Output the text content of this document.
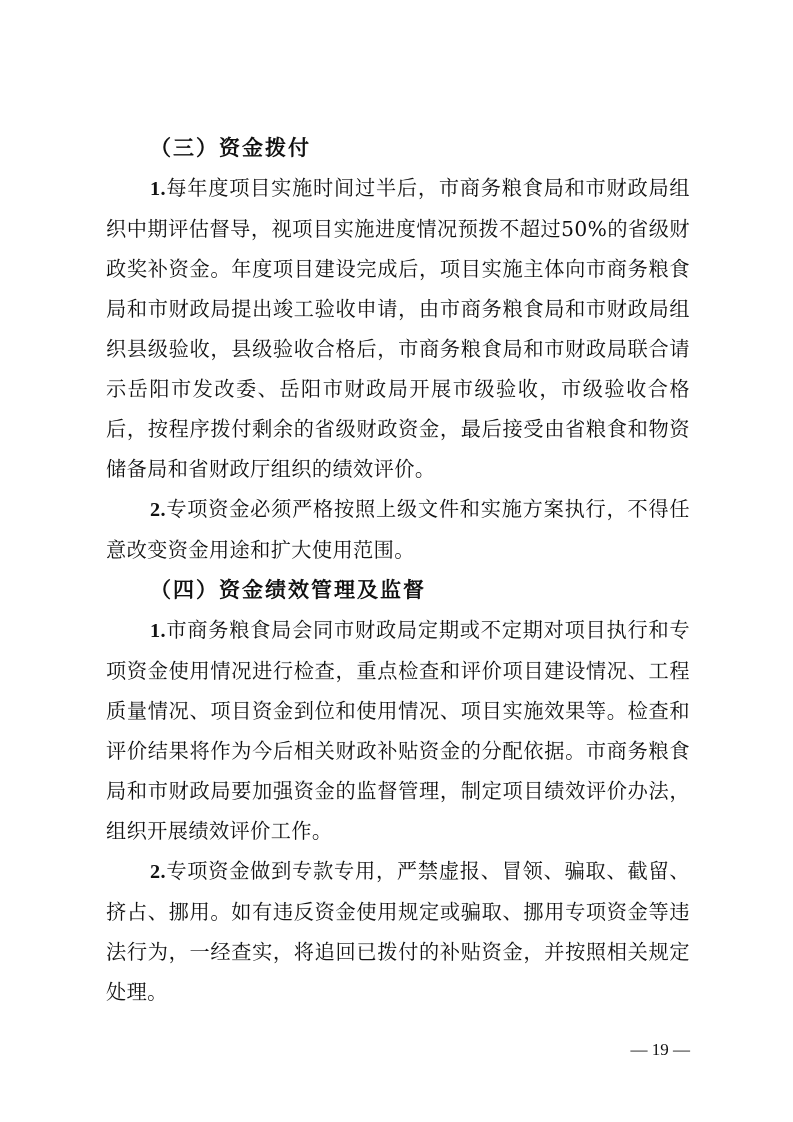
（三）资金拨付

1.每年度项目实施时间过半后，市商务粮食局和市财政局组织中期评估督导，视项目实施进度情况预拨不超过50%的省级财政奖补资金。年度项目建设完成后，项目实施主体向市商务粮食局和市财政局提出竣工验收申请，由市商务粮食局和市财政局组织县级验收，县级验收合格后，市商务粮食局和市财政局联合请示岳阳市发改委、岳阳市财政局开展市级验收，市级验收合格后，按程序拨付剩余的省级财政资金，最后接受由省粮食和物资储备局和省财政厅组织的绩效评价。

2.专项资金必须严格按照上级文件和实施方案执行，不得任意改变资金用途和扩大使用范围。

（四）资金绩效管理及监督

1.市商务粮食局会同市财政局定期或不定期对项目执行和专项资金使用情况进行检查，重点检查和评价项目建设情况、工程质量情况、项目资金到位和使用情况、项目实施效果等。检查和评价结果将作为今后相关财政补贴资金的分配依据。市商务粮食局和市财政局要加强资金的监督管理，制定项目绩效评价办法，组织开展绩效评价工作。

2.专项资金做到专款专用，严禁虚报、冒领、骗取、截留、挤占、挪用。如有违反资金使用规定或骗取、挪用专项资金等违法行为，一经查实，将追回已拨付的补贴资金，并按照相关规定处理。

— 19 —
